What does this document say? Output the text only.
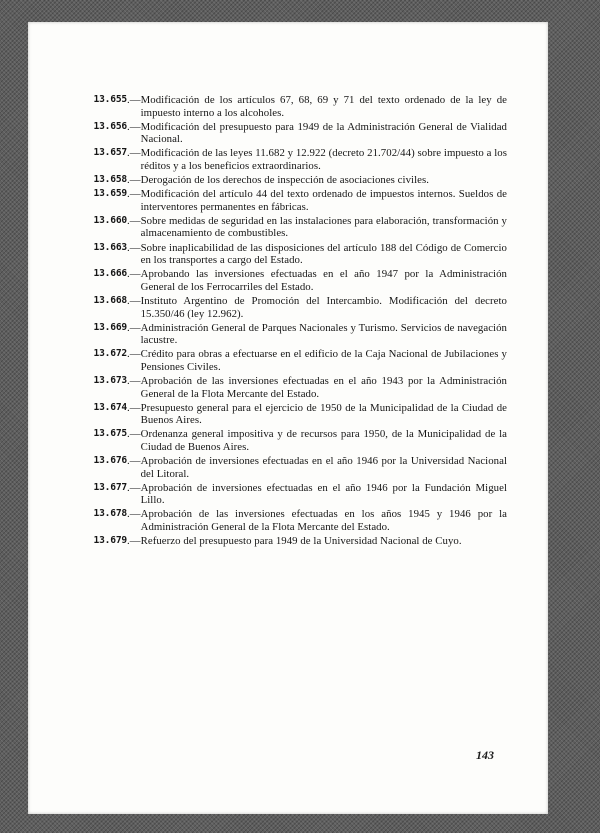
13.655 .— Modificación de los artículos 67, 68, 69 y 71 del texto ordenado de la ley de impuesto interno a los alcoholes.
13.656 .— Modificación del presupuesto para 1949 de la Administración General de Vialidad Nacional.
13.657 .— Modificación de las leyes 11.682 y 12.922 (decreto 21.702/44) sobre impuesto a los réditos y a los beneficios extraordinarios.
13.658 .— Derogación de los derechos de inspección de asociaciones civiles.
13.659 .— Modificación del artículo 44 del texto ordenado de impuestos internos. Sueldos de interventores permanentes en fábricas.
13.660 .— Sobre medidas de seguridad en las instalaciones para elaboración, transformación y almacenamiento de combustibles.
13.663 .— Sobre inaplicabilidad de las disposiciones del artículo 188 del Código de Comercio en los transportes a cargo del Estado.
13.666 .— Aprobando las inversiones efectuadas en el año 1947 por la Administración General de los Ferrocarriles del Estado.
13.668 .— Instituto Argentino de Promoción del Intercambio. Modificación del decreto 15.350/46 (ley 12.962).
13.669 .— Administración General de Parques Nacionales y Turismo. Servicios de navegación lacustre.
13.672 .— Crédito para obras a efectuarse en el edificio de la Caja Nacional de Jubilaciones y Pensiones Civiles.
13.673 .— Aprobación de las inversiones efectuadas en el año 1943 por la Administración General de la Flota Mercante del Estado.
13.674 .— Presupuesto general para el ejercicio de 1950 de la Municipalidad de la Ciudad de Buenos Aires.
13.675 .— Ordenanza general impositiva y de recursos para 1950, de la Municipalidad de la Ciudad de Buenos Aires.
13.676 .— Aprobación de inversiones efectuadas en el año 1946 por la Universidad Nacional del Litoral.
13.677 .— Aprobación de inversiones efectuadas en el año 1946 por la Fundación Miguel Lillo.
13.678 .— Aprobación de las inversiones efectuadas en los años 1945 y 1946 por la Administración General de la Flota Mercante del Estado.
13.679 .— Refuerzo del presupuesto para 1949 de la Universidad Nacional de Cuyo.
143
